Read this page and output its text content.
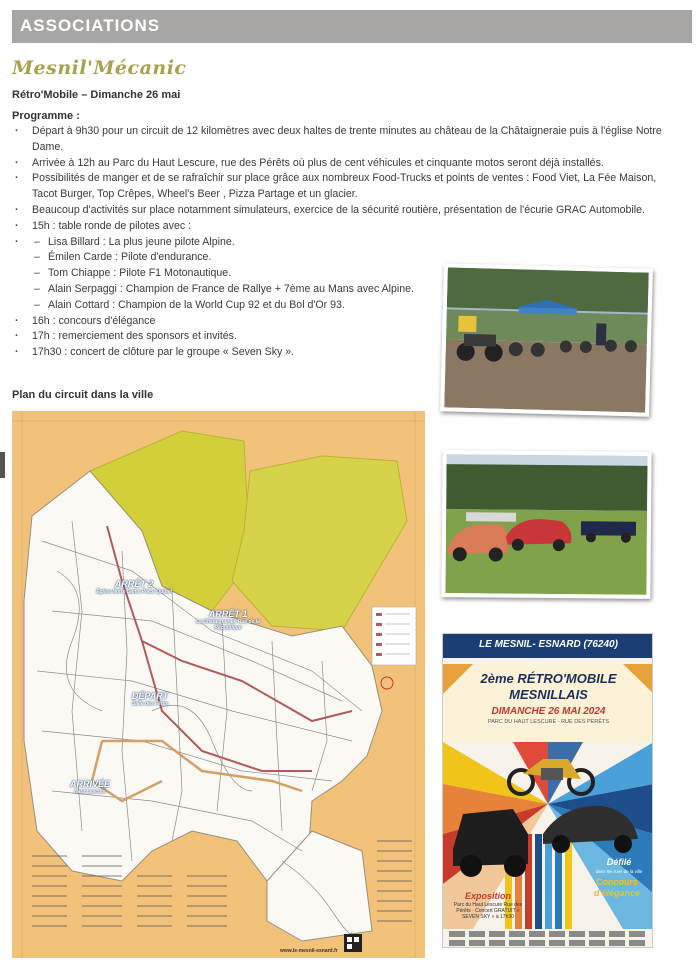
ASSOCIATIONS
Mesnil'Mécanic
Rétro'Mobile – Dimanche 26 mai
Programme :
· Départ à 9h30 pour un circuit de 12 kilomètres avec deux haltes de trente minutes au château de la Châtaigneraie puis à l'église Notre Dame.
· Arrivée à 12h au Parc du Haut Lescure, rue des Pérêts où plus de cent véhicules et cinquante motos seront déjà installés.
· Possibilités de manger et de se rafraîchir sur place grâce aux nombreux Food-Trucks et points de ventes : Food Viet, La Fée Maison, Tacot Burger, Top Crêpes, Wheel's Beer , Pizza Partage et un glacier.
· Beaucoup d'activités sur place notamment simulateurs, exercice de la sécurité routière, présentation de l'écurie GRAC Automobile.
· 15h : table ronde de pilotes avec :
– · Lisa Billard : La plus jeune pilote Alpine.
– Émilen Carde : Pilote d'endurance.
– Tom Chiappe : Pilote F1 Motonautique.
– Alain Serpaggi : Champion de France de Rallye + 7ème au Mans avec Alpine.
– Alain Cottard : Champion de la World Cup 92 et du Bol d'Or 93.
· 16h : concours d'élégance
· 17h : remerciement des sponsors et invités.
· 17h30 : concert de clôture par le groupe « Seven Sky ».
Plan du circuit dans la ville
ARRÊT 2
Église Notre Dame Place Quibel
ARRÊT 1
La Châtaigneraie Rue de la République
DÉPART
Salle des Fêtes
ARRIVÉE
Haut Lescure
www.le-mesnil-esnard.fr
LE MESNIL- ESNARD (76240)
2ème RÉTRO'MOBILE
MESNILLAIS
DIMANCHE 26 MAI 2024
PARC DU HAUT LESCURE - RUE DES PÉRÊTS
Défilé
dans les rues de la ville
Concours d'élégance
Exposition
Parc du Haut Lescure Rue des Pérêts · Concert GRATUIT « SEVEN SKY » à 17h30
